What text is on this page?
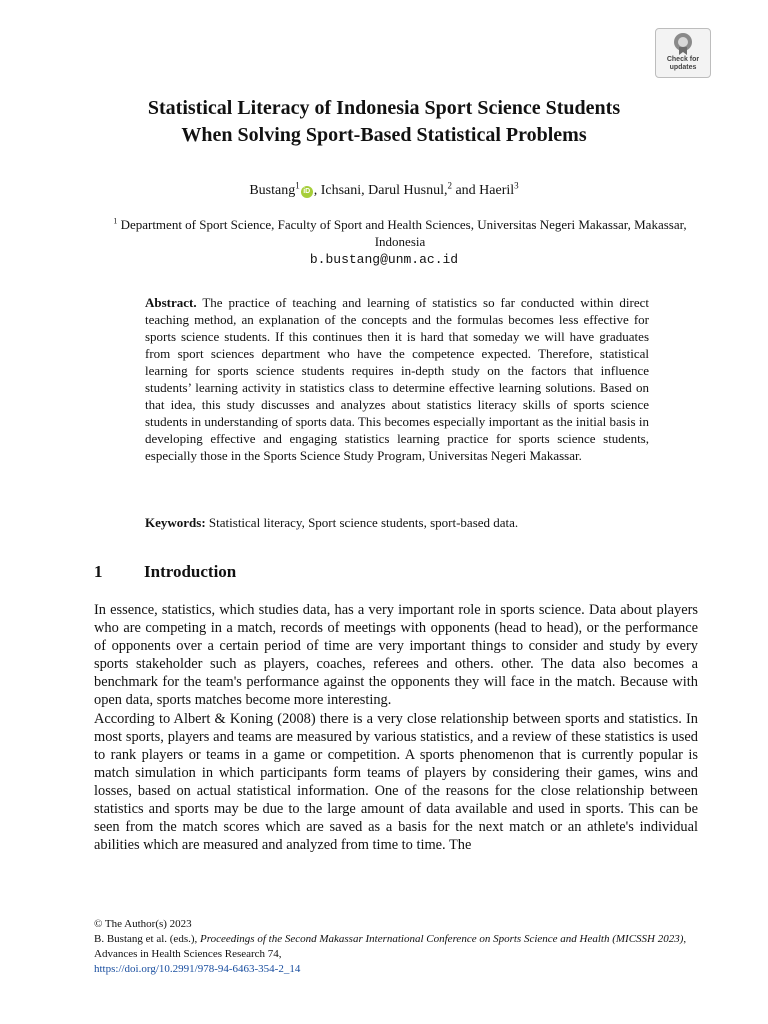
Check for
updates
Statistical Literacy of Indonesia Sport Science Students
When Solving Sport-Based Statistical Problems
Bustang$^1$iD , Ichsani, Darul Husnul,$^2$ and Haeril$^3$
$^1$ Department of Sport Science, Faculty of Sport and Health Sciences, Universitas Negeri Makassar, Makassar, Indonesia
b.bustang@unm.ac.id

Abstract. The practice of teaching and learning of statistics so far conducted within direct teaching method, an explanation of the concepts and the formulas becomes less effective for sports science students. If this continues then it is hard that someday we will have graduates from sport sciences department who have the competence expected. Therefore, statistical learning for sports science students requires in-depth study on the factors that influence students’ learning activity in statistics class to determine effective learning solutions. Based on that idea, this study discusses and analyzes about statistics literacy skills of sports science students in understanding of sports data. This becomes especially important as the initial basis in developing effective and engaging statistics learning practice for sports science students, especially those in the Sports Science Study Program, Universitas Negeri Makassar.

Keywords: Statistical literacy, Sport science students, sport-based data.

1 Introduction

In essence, statistics, which studies data, has a very important role in sports science. Data about players who are competing in a match, records of meetings with opponents (head to head), or the performance of opponents over a certain period of time are very important things to consider and study by every sports stakeholder such as players, coaches, referees and others. other. The data also becomes a benchmark for the team's performance against the opponents they will face in the match. Because with open data, sports matches become more interesting.

According to Albert & Koning (2008) there is a very close relationship between sports and statistics. In most sports, players and teams are measured by various statistics, and a review of these statistics is used to rank players or teams in a game or competition. A sports phenomenon that is currently popular is match simulation in which participants form teams of players by considering their games, wins and losses, based on actual statistical information. One of the reasons for the close relationship between statistics and sports may be due to the large amount of data available and used in sports. This can be seen from the match scores which are saved as a basis for the next match or an athlete's individual abilities which are measured and analyzed from time to time. The

© The Author(s) 2023
B. Bustang et al. (eds.), Proceedings of the Second Makassar International Conference on Sports Science and Health (MICSSH 2023), Advances in Health Sciences Research 74,
https://doi.org/10.2991/978-94-6463-354-2_14
